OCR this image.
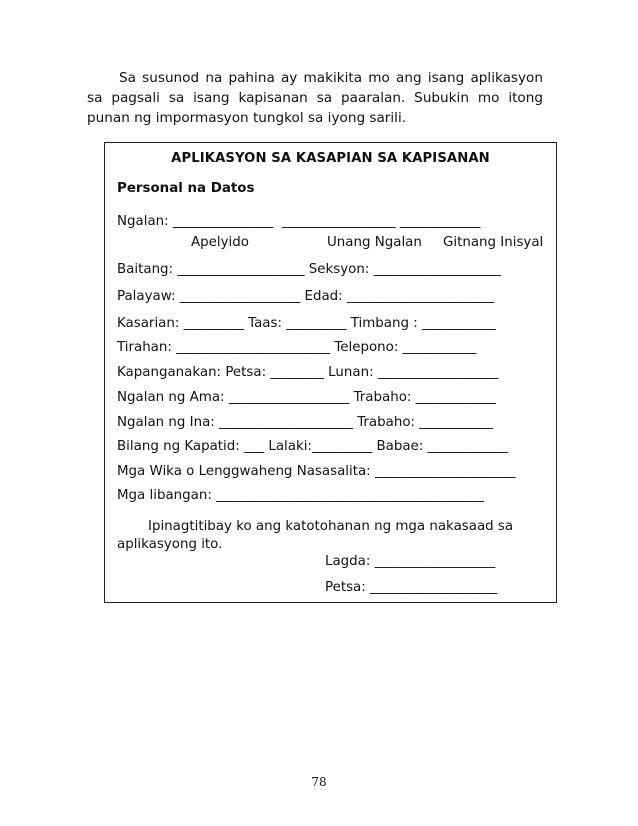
Sa susunod na pahina ay makikita mo ang isang aplikasyon sa pagsali sa isang kapisanan sa paaralan. Subukin mo itong punan ng impormasyon tungkol sa iyong sarili.

APLIKASYON SA KASAPIAN SA KAPISANAN
Personal na Datos
Ngalan: _______________  _________________ ____________
Apelyido	Unang Ngalan Gitnang Inisyal
Baitang: ___________________ Seksyon: ___________________
Palayaw: __________________ Edad: ______________________
Kasarian: _________ Taas: _________ Timbang : ___________
Tirahan: _______________________ Telepono: ___________
Kapanganakan: Petsa: ________ Lunan: __________________
Ngalan ng Ama: __________________ Trabaho: ____________
Ngalan ng Ina: ____________________ Trabaho: ___________
Bilang ng Kapatid: ___ Lalaki:_________ Babae: ____________
Mga Wika o Lenggwaheng Nasasalita: _____________________
Mga libangan: ________________________________________

Ipinagtitibay ko ang katotohanan ng mga nakasaad sa aplikasyong ito.

Lagda: __________________
Petsa: ___________________
78
